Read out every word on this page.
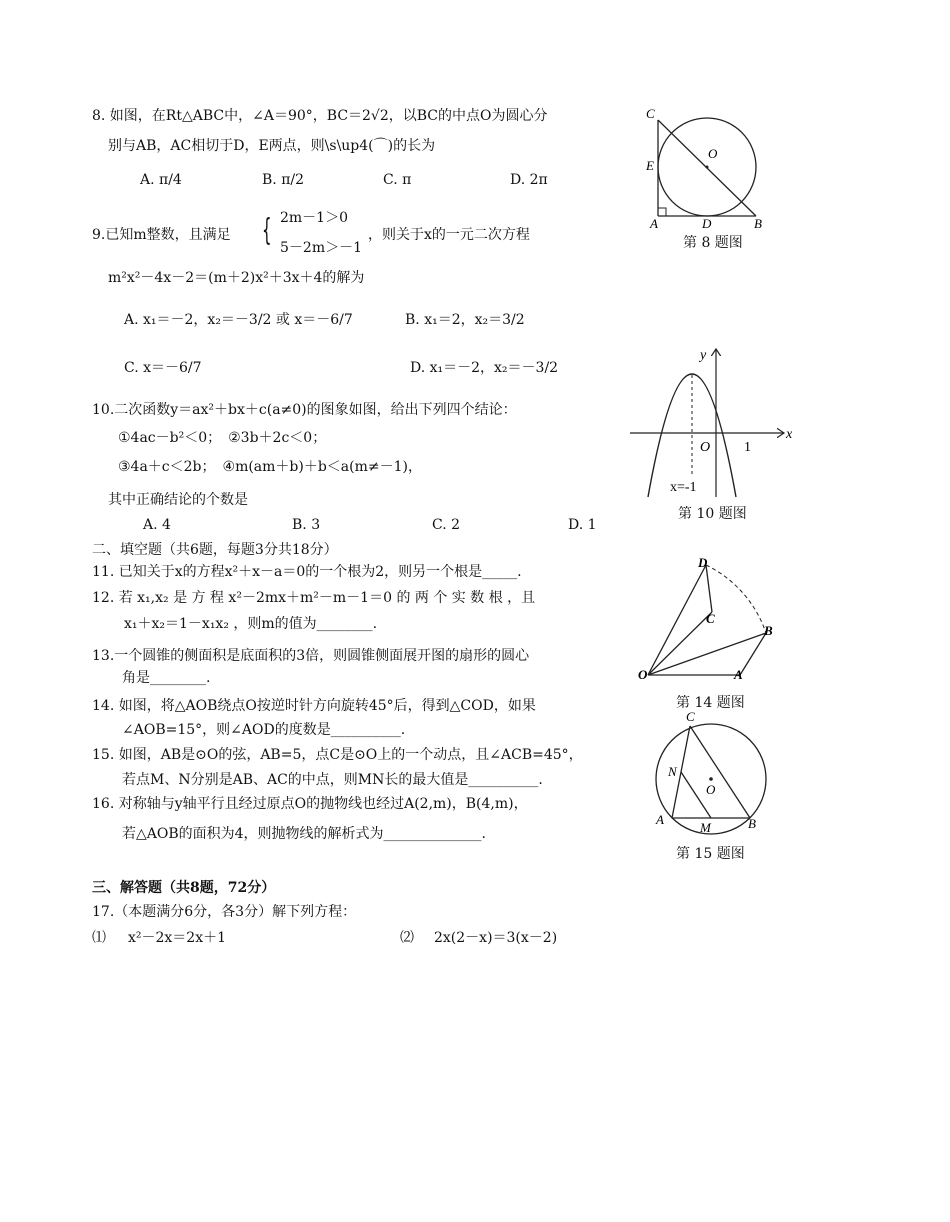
8. 如图，在Rt△ABC中，∠A＝90°，BC＝2√2，以BC的中点O为圆心分
别与AB，AC相切于D，E两点，则\s\up4(⌒)的长为
A. π/4	B. π/2	C. π	D. 2π
9.已知m整数，且满足 { 2m－1＞0
5－2m＞－1
，则关于x的一元二次方程
m²x²－4x－2＝(m＋2)x²＋3x＋4的解为
A. x₁＝－2，x₂＝－3/2 或 x＝－6/7	B. x₁＝2，x₂＝3/2
C. x＝－6/7	D. x₁＝－2，x₂＝－3/2
10.二次函数y＝ax²＋bx＋c(a≠0)的图象如图，给出下列四个结论：
①4ac－b²＜0；　②3b＋2c＜0；
③4a＋c＜2b；　④m(am＋b)＋b＜a(m≠－1)，
其中正确结论的个数是
A. 4	B. 3	C. 2	D. 1
二、填空题（共6题，每题3分共18分）
11. 已知关于x的方程x²＋x－a＝0的一个根为2，则另一个根是_____.
12. 若 x₁,x₂ 是 方 程 x²－2mx＋m²－m－1＝0 的 两 个 实 数 根 ，且
x₁＋x₂＝1－x₁x₂ ，则m的值为________.
13.一个圆锥的侧面积是底面积的3倍，则圆锥侧面展开图的扇形的圆心
角是________.
14. 如图，将△AOB绕点O按逆时针方向旋转45°后，得到△COD，如果
∠AOB=15°，则∠AOD的度数是__________.
15. 如图，AB是⊙O的弦，AB=5，点C是⊙O上的一个动点，且∠ACB=45°，
若点M、N分别是AB、AC的中点，则MN长的最大值是__________.
16. 对称轴与y轴平行且经过原点O的抛物线也经过A(2,m)，B(4,m)，
若△AOB的面积为4，则抛物线的解析式为______________.
三、解答题（共8题，72分）
17.（本题满分6分，各3分）解下列方程：
⑴ x²－2x＝2x＋1	⑵ 2x(2－x)＝3(x－2)
C
E
O
A	D	B
第 8 题图
y
x
O 1
x=-1
第 10 题图
D
C
B
O	A
第 14 题图
C
N
O
A
M	B
第 15 题图
